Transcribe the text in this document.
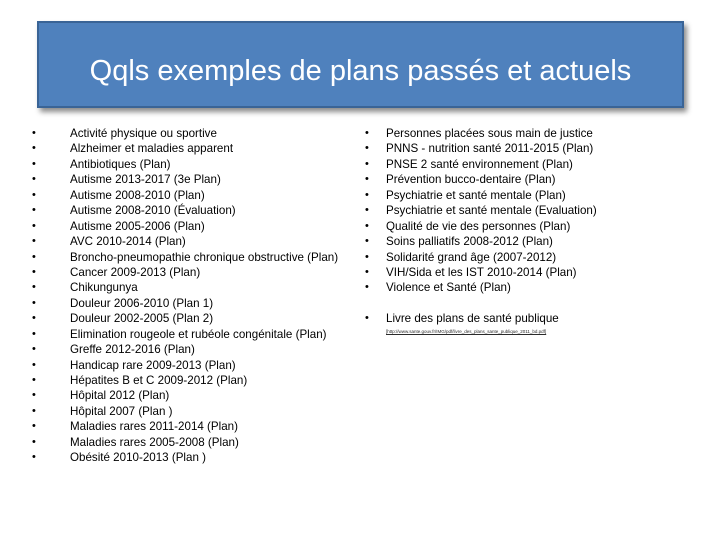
Qqls exemples de plans passés et actuels
• Activité physique ou sportive
• Alzheimer et maladies apparent
• Antibiotiques (Plan)
• Autisme 2013-2017 (3e Plan)
• Autisme 2008-2010 (Plan)
• Autisme 2008-2010 (Évaluation)
• Autisme 2005-2006 (Plan)
• AVC 2010-2014 (Plan)
• Broncho-pneumopathie chronique obstructive (Plan)
• Cancer 2009-2013 (Plan)
• Chikungunya
• Douleur 2006-2010 (Plan 1)
• Douleur 2002-2005 (Plan 2)
• Elimination rougeole et rubéole congénitale (Plan)
• Greffe 2012-2016 (Plan)
• Handicap rare 2009-2013 (Plan)
• Hépatites B et C 2009-2012 (Plan)
• Hôpital 2012 (Plan)
• Hôpital 2007 (Plan )
• Maladies rares 2011-2014 (Plan)
• Maladies rares 2005-2008 (Plan)
• Obésité 2010-2013 (Plan )
• Personnes placées sous main de justice
• PNNS - nutrition santé 2011-2015 (Plan)
• PNSE 2 santé environnement (Plan)
• Prévention bucco-dentaire (Plan)
• Psychiatrie et santé mentale (Plan)
• Psychiatrie et santé mentale (Evaluation)
• Qualité de vie des personnes (Plan)
• Soins palliatifs 2008-2012 (Plan)
• Solidarité grand âge (2007-2012)
• VIH/Sida et les IST 2010-2014 (Plan)
• Violence et Santé (Plan)
• Livre des plans de santé publique
[http://www.sante.gouv.fr/IMG/pdf/livre_des_plans_sante_publique_2011_bd.pdf]
